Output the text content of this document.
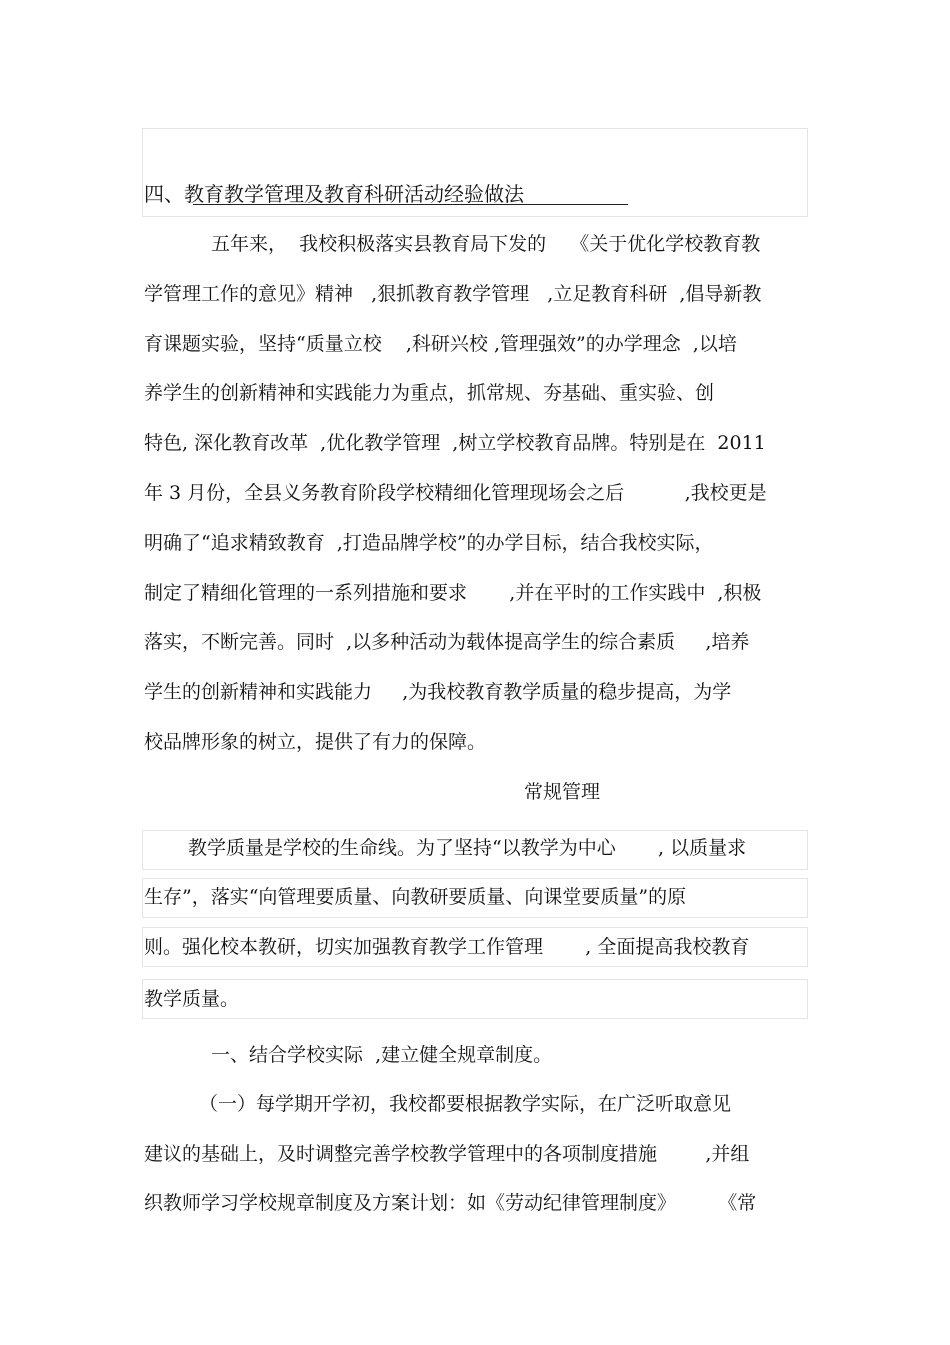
四、教育教学管理及教育科研活动经验做法
五年来，  我校积极落实县教育局下发的    《关于优化学校教育教
学管理工作的意见》精神   ,狠抓教育教学管理   ,立足教育科研  ,倡导新教
育课题实验，坚持“质量立校    ,科研兴校 ,管理强效”的办学理念  ,以培
养学生的创新精神和实践能力为重点，抓常规、夯基础、重实验、创
特色, 深化教育改革  ,优化教学管理  ,树立学校教育品牌。特别是在  2011
年 3 月份，全县义务教育阶段学校精细化管理现场会之后          ,我校更是
明确了“追求精致教育  ,打造品牌学校”的办学目标，结合我校实际，
制定了精细化管理的一系列措施和要求       ,并在平时的工作实践中  ,积极
落实，不断完善。同时  ,以多种活动为载体提高学生的综合素质     ,培养
学生的创新精神和实践能力     ,为我校教育教学质量的稳步提高，为学
校品牌形象的树立，提供了有力的保障。
常规管理
教学质量是学校的生命线。为了坚持“以教学为中心       , 以质量求
生存”，落实“向管理要质量、向教研要质量、向课堂要质量”的原
则。强化校本教研，切实加强教育教学工作管理       , 全面提高我校教育
教学质量。
一、结合学校实际  ,建立健全规章制度。
（一）每学期开学初，我校都要根据教学实际，在广泛听取意见
建议的基础上，及时调整完善学校教学管理中的各项制度措施        ,并组
织教师学习学校规章制度及方案计划：如《劳动纪律管理制度》       《常
